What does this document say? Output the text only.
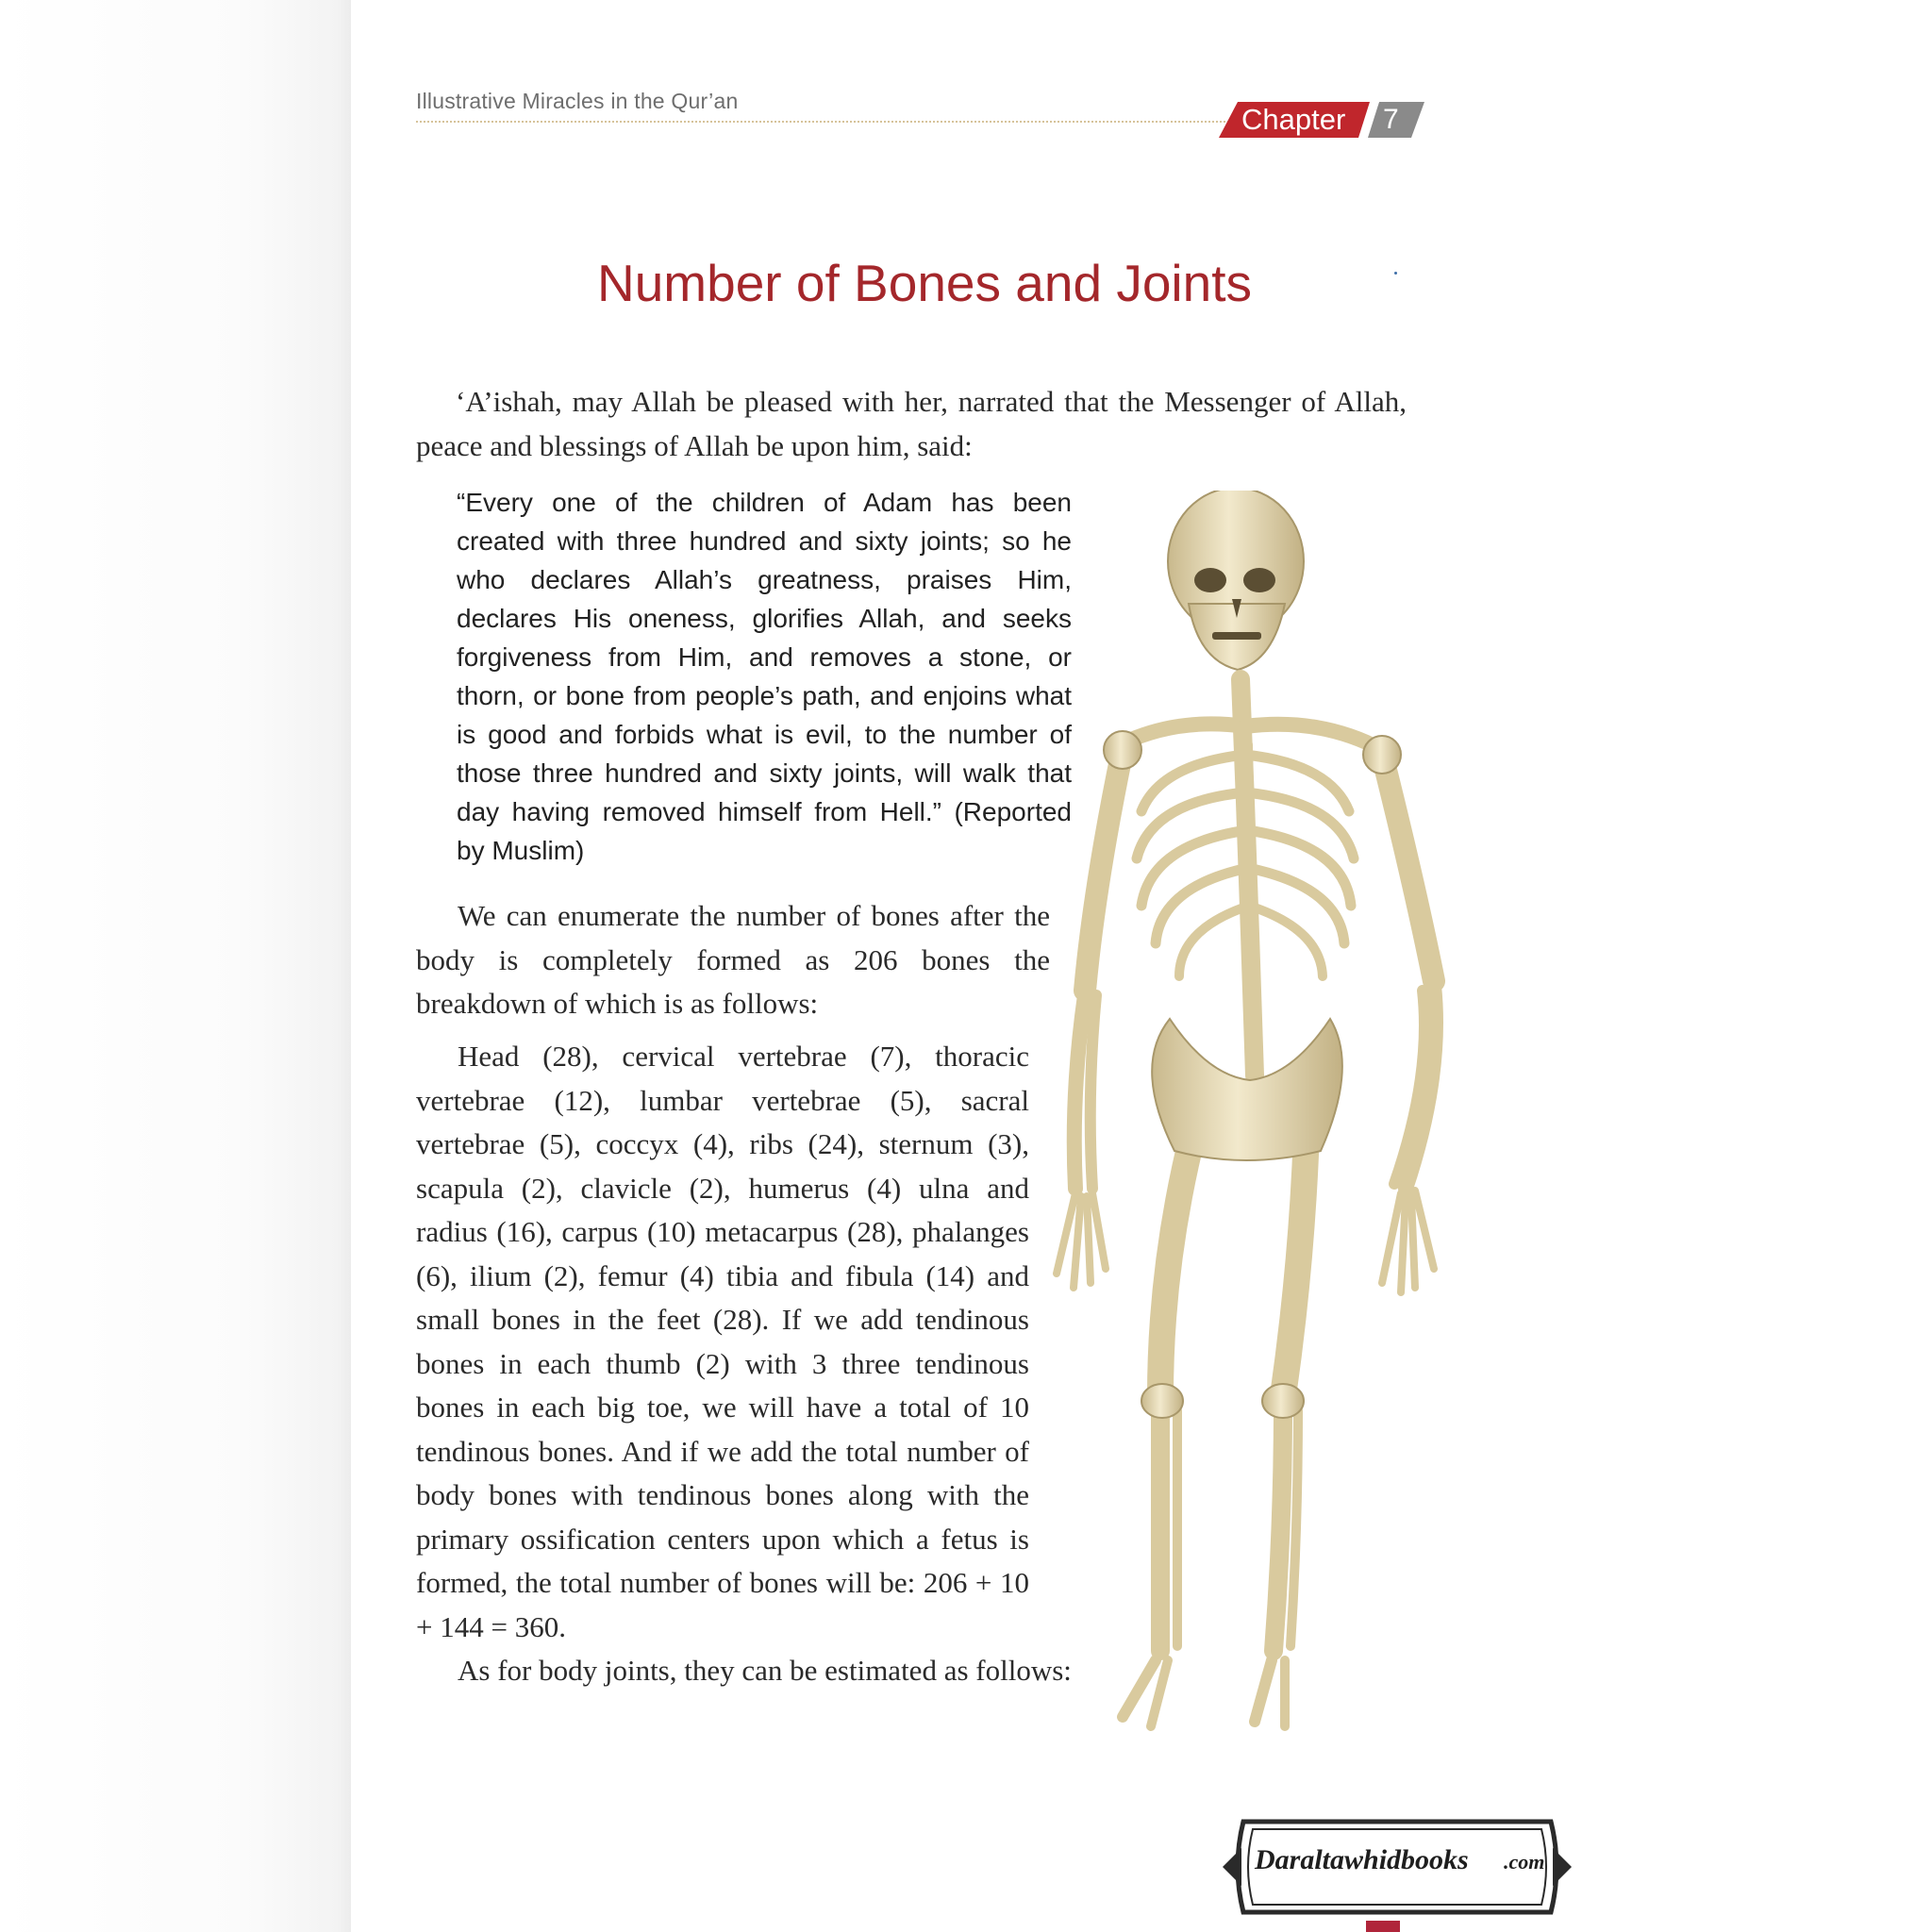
Illustrative Miracles in the Qur’an
Chapter 7
Number of Bones and Joints

‘A’ishah, may Allah be pleased with her, narrated that the Messenger of Allah, peace and blessings of Allah be upon him, said:

“Every one of the children of Adam has been created with three hundred and sixty joints; so he who declares Allah’s greatness, praises Him, declares His oneness, glorifies Allah, and seeks forgiveness from Him, and removes a stone, or thorn, or bone from people’s path, and enjoins what is good and forbids what is evil, to the number of those three hundred and sixty joints, will walk that day having removed himself from Hell.” (Reported by Muslim)

We can enumerate the number of bones after the body is completely formed as 206 bones the breakdown of which is as follows:

Head (28), cervical vertebrae (7), thoracic vertebrae (12), lumbar vertebrae (5), sacral vertebrae (5), coccyx (4), ribs (24), sternum (3), scapula (2), clavicle (2), humerus (4) ulna and radius (16), carpus (10) metacarpus (28), phalanges (6), ilium (2), femur (4) tibia and fibula (14) and small bones in the feet (28). If we add tendinous bones in each thumb (2) with 3 three tendinous bones in each big toe, we will have a total of 10 tendinous bones. And if we add the total number of body bones with tendinous bones along with the primary ossification centers upon which a fetus is formed, the total number of bones will be: 206 + 10 + 144 = 360.

As for body joints, they can be estimated as follows:

Daraltawhidbooks .com
